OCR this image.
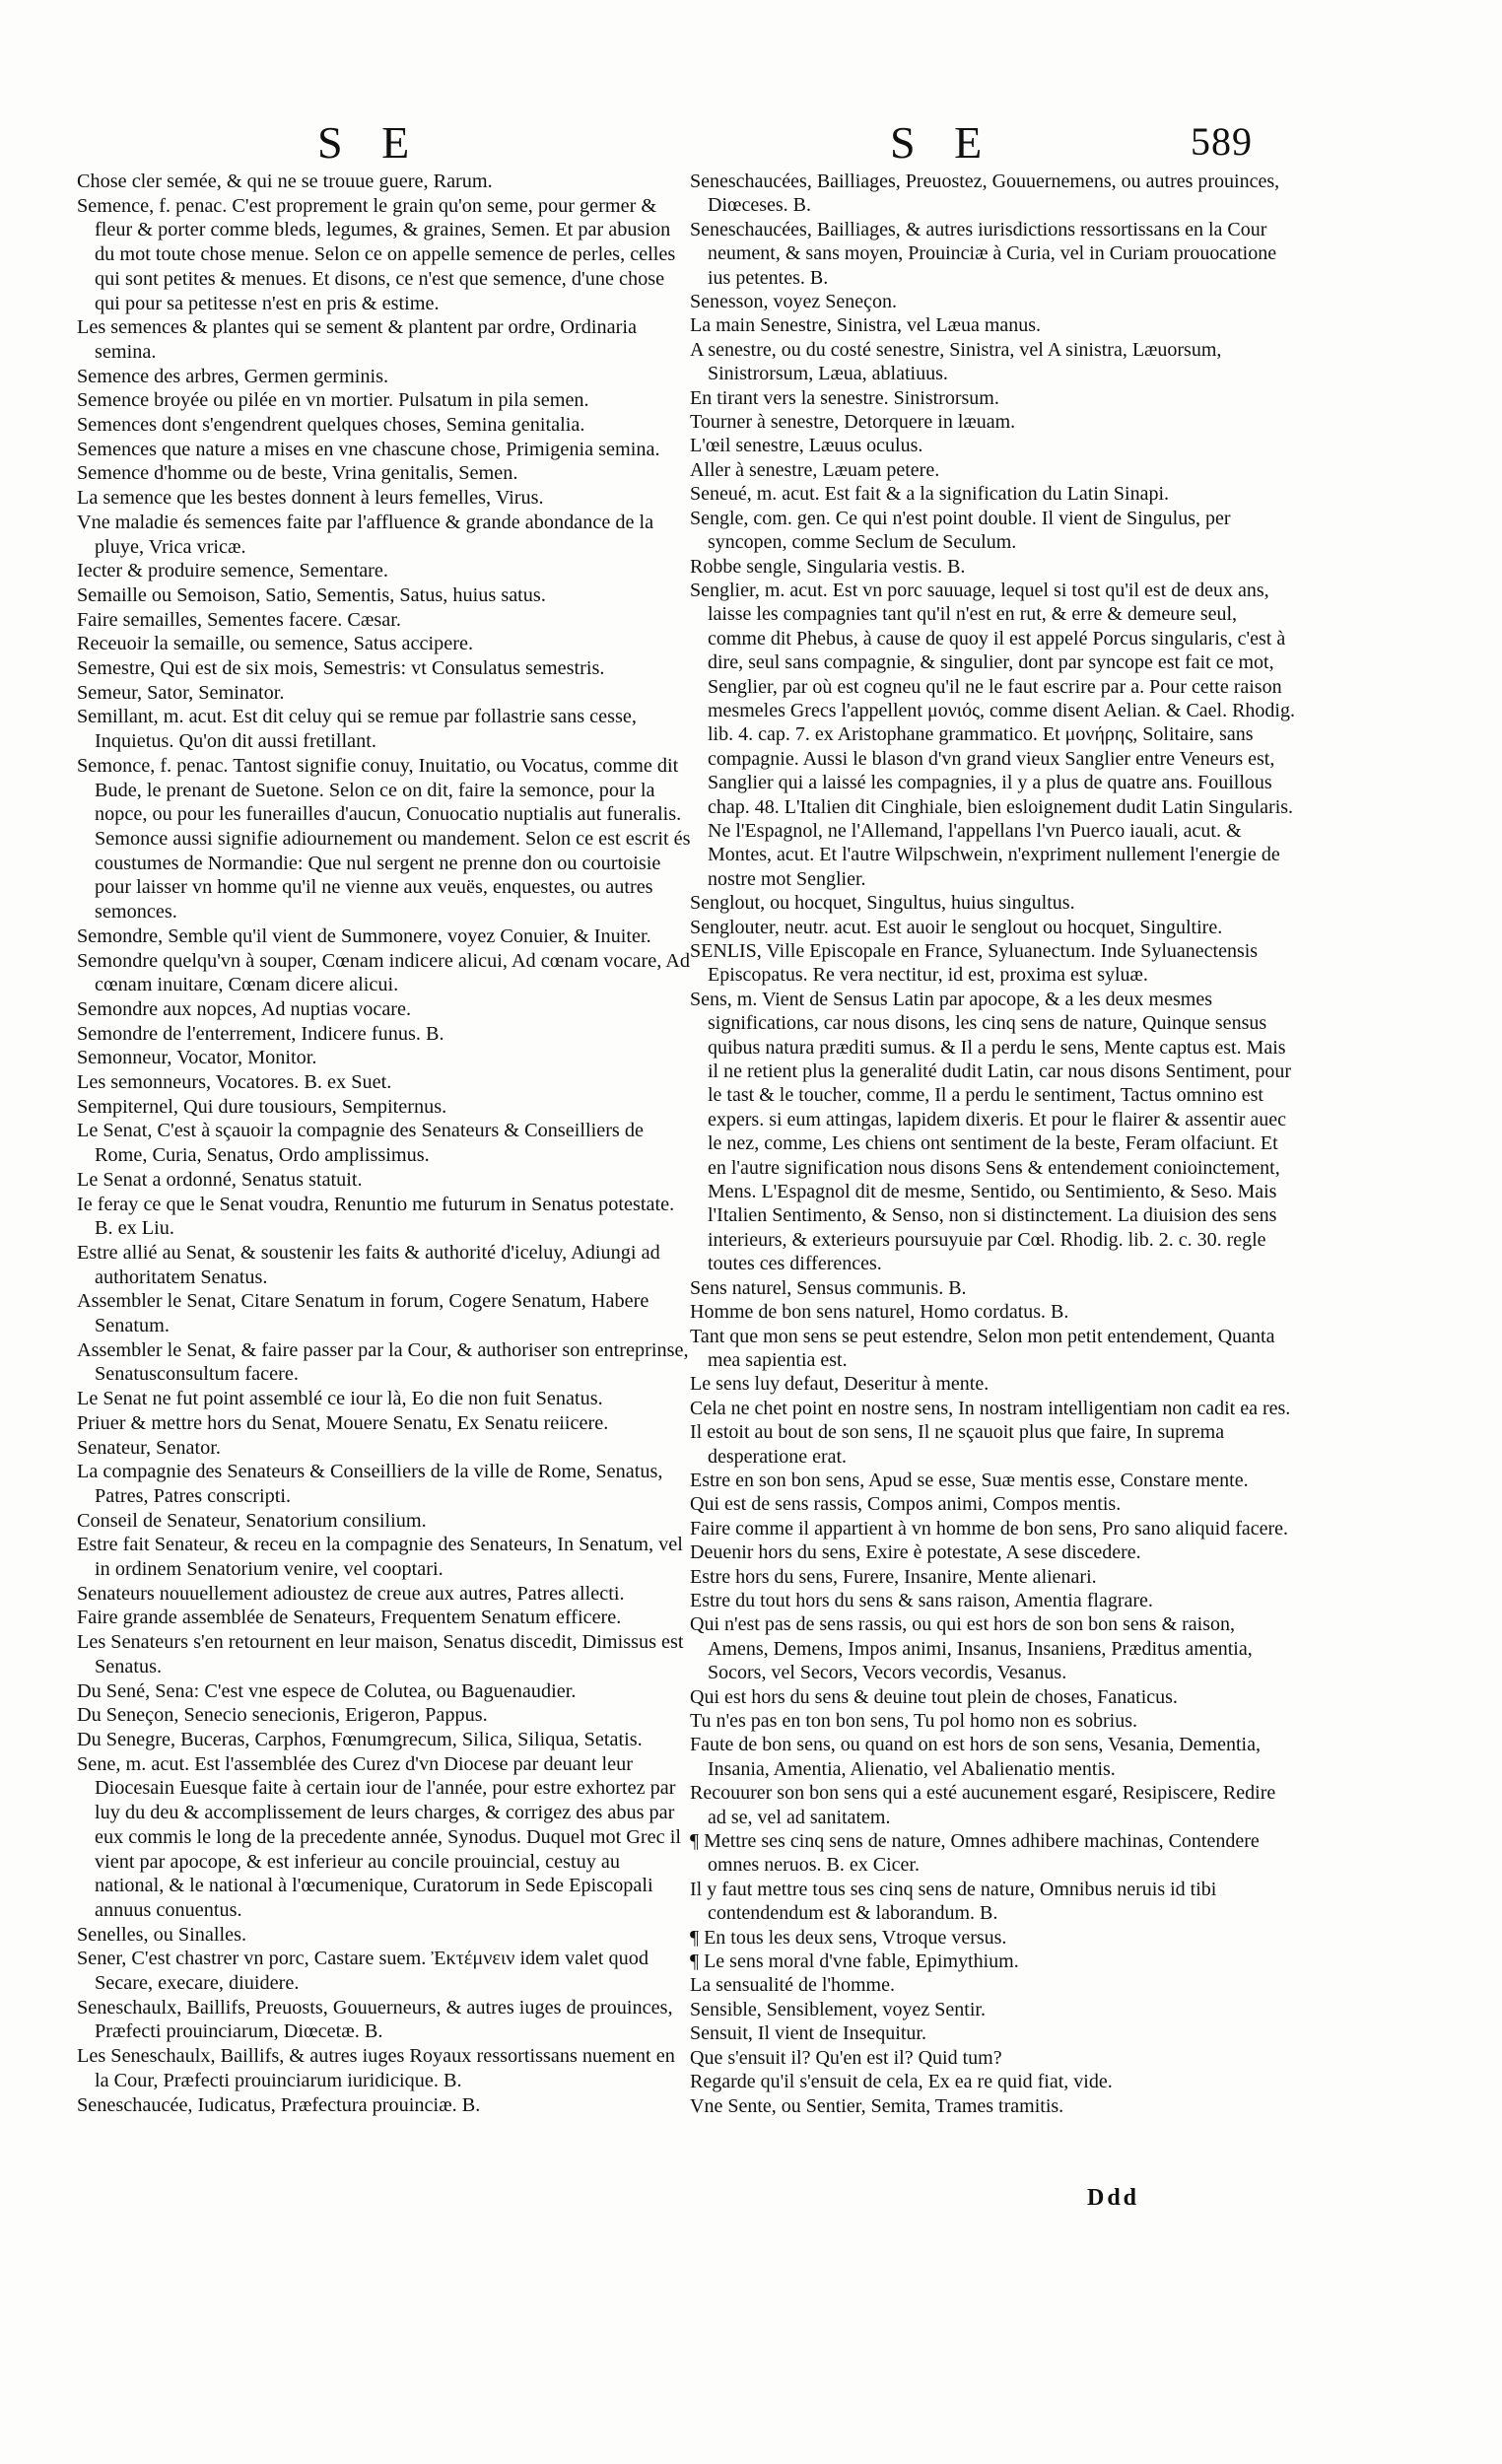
S E	S E	589

Chose cler semée, & qui ne se trouue guere, Rarum.

Semence, f. penac. C'est proprement le grain qu'on seme, pour germer & fleur & porter comme bleds, legumes, & graines, Semen. Et par abusion du mot toute chose menue. Selon ce on appelle semence de perles, celles qui sont petites & menues. Et disons, ce n'est que semence, d'une chose qui pour sa petitesse n'est en pris & estime.

Les semences & plantes qui se sement & plantent par ordre, Ordinaria semina.

Semence des arbres, Germen germinis.

Semence broyée ou pilée en vn mortier. Pulsatum in pila semen.

Semences dont s'engendrent quelques choses, Semina genitalia.

Semences que nature a mises en vne chascune chose, Primigenia semina.

Semence d'homme ou de beste, Vrina genitalis, Semen.

La semence que les bestes donnent à leurs femelles, Virus.

Vne maladie és semences faite par l'affluence & grande abondance de la pluye, Vrica vricæ.

Iecter & produire semence, Sementare.

Semaille ou Semoison, Satio, Sementis, Satus, huius satus.

Faire semailles, Sementes facere. Cæsar.

Receuoir la semaille, ou semence, Satus accipere.

Semestre, Qui est de six mois, Semestris: vt Consulatus semestris.

Semeur, Sator, Seminator.

Semillant, m. acut. Est dit celuy qui se remue par follastrie sans cesse, Inquietus. Qu'on dit aussi fretillant.

Semonce, f. penac. Tantost signifie conuy, Inuitatio, ou Vocatus, comme dit Bude, le prenant de Suetone. Selon ce on dit, faire la semonce, pour la nopce, ou pour les funerailles d'aucun, Conuocatio nuptialis aut funeralis. Semonce aussi signifie adiournement ou mandement. Selon ce est escrit és coustumes de Normandie: Que nul sergent ne prenne don ou courtoisie pour laisser vn homme qu'il ne vienne aux veuës, enquestes, ou autres semonces.

Semondre, Semble qu'il vient de Summonere, voyez Conuier, & Inuiter.

Semondre quelqu'vn à souper, Cœnam indicere alicui, Ad cœnam vocare, Ad cœnam inuitare, Cœnam dicere alicui.

Semondre aux nopces, Ad nuptias vocare.

Semondre de l'enterrement, Indicere funus. B.

Semonneur, Vocator, Monitor.

Les semonneurs, Vocatores. B. ex Suet.

Sempiternel, Qui dure tousiours, Sempiternus.

Le Senat, C'est à sçauoir la compagnie des Senateurs & Conseilliers de Rome, Curia, Senatus, Ordo amplissimus.

Le Senat a ordonné, Senatus statuit.

Ie feray ce que le Senat voudra, Renuntio me futurum in Senatus potestate. B. ex Liu.

Estre allié au Senat, & soustenir les faits & authorité d'iceluy, Adiungi ad authoritatem Senatus.

Assembler le Senat, Citare Senatum in forum, Cogere Senatum, Habere Senatum.

Assembler le Senat, & faire passer par la Cour, & authoriser son entreprinse, Senatusconsultum facere.

Le Senat ne fut point assemblé ce iour là, Eo die non fuit Senatus.

Priuer & mettre hors du Senat, Mouere Senatu, Ex Senatu reiicere.

Senateur, Senator.

La compagnie des Senateurs & Conseilliers de la ville de Rome, Senatus, Patres, Patres conscripti.

Conseil de Senateur, Senatorium consilium.

Estre fait Senateur, & receu en la compagnie des Senateurs, In Senatum, vel in ordinem Senatorium venire, vel cooptari.

Senateurs nouuellement adioustez de creue aux autres, Patres allecti.

Faire grande assemblée de Senateurs, Frequentem Senatum efficere.

Les Senateurs s'en retournent en leur maison, Senatus discedit, Dimissus est Senatus.

Du Sené, Sena: C'est vne espece de Colutea, ou Baguenaudier.

Du Seneçon, Senecio senecionis, Erigeron, Pappus.

Du Senegre, Buceras, Carphos, Fœnumgrecum, Silica, Siliqua, Setatis.

Sene, m. acut. Est l'assemblée des Curez d'vn Diocese par deuant leur Diocesain Euesque faite à certain iour de l'année, pour estre exhortez par luy du deu & accomplissement de leurs charges, & corrigez des abus par eux commis le long de la precedente année, Synodus. Duquel mot Grec il vient par apocope, & est inferieur au concile prouincial, cestuy au national, & le national à l'œcumenique, Curatorum in Sede Episcopali annuus conuentus.

Senelles, ou Sinalles.

Sener, C'est chastrer vn porc, Castare suem. Ἐκτέμνειν idem valet quod Secare, execare, diuidere.

Seneschaulx, Baillifs, Preuosts, Gouuerneurs, & autres iuges de prouinces, Præfecti prouinciarum, Diœcetæ. B.

Les Seneschaulx, Baillifs, & autres iuges Royaux ressortissans nuement en la Cour, Præfecti prouinciarum iuridicique. B.

Seneschaucée, Iudicatus, Præfectura prouinciæ. B.

Seneschaucées, Bailliages, Preuostez, Gouuernemens, ou autres prouinces, Diœceses. B.

Seneschaucées, Bailliages, & autres iurisdictions ressortissans en la Cour neument, & sans moyen, Prouinciæ à Curia, vel in Curiam prouocatione ius petentes. B.

Senesson, voyez Seneçon.

La main Senestre, Sinistra, vel Læua manus.

A senestre, ou du costé senestre, Sinistra, vel A sinistra, Læuorsum, Sinistrorsum, Læua, ablatiuus.

En tirant vers la senestre. Sinistrorsum.

Tourner à senestre, Detorquere in læuam.

L'œil senestre, Læuus oculus.

Aller à senestre, Læuam petere.

Seneué, m. acut. Est fait & a la signification du Latin Sinapi.

Sengle, com. gen. Ce qui n'est point double. Il vient de Singulus, per syncopen, comme Seclum de Seculum.

Robbe sengle, Singularia vestis. B.

Senglier, m. acut. Est vn porc sauuage, lequel si tost qu'il est de deux ans, laisse les compagnies tant qu'il n'est en rut, & erre & demeure seul, comme dit Phebus, à cause de quoy il est appelé Porcus singularis, c'est à dire, seul sans compagnie, & singulier, dont par syncope est fait ce mot, Senglier, par où est cogneu qu'il ne le faut escrire par a. Pour cette raison mesmeles Grecs l'appellent μονιός, comme disent Aelian. & Cael. Rhodig. lib. 4. cap. 7. ex Aristophane grammatico. Et μονήρης, Solitaire, sans compagnie. Aussi le blason d'vn grand vieux Sanglier entre Veneurs est, Sanglier qui a laissé les compagnies, il y a plus de quatre ans. Fouillous chap. 48. L'Italien dit Cinghiale, bien esloignement dudit Latin Singularis. Ne l'Espagnol, ne l'Allemand, l'appellans l'vn Puerco iauali, acut. & Montes, acut. Et l'autre Wilpschwein, n'expriment nullement l'energie de nostre mot Senglier.

Senglout, ou hocquet, Singultus, huius singultus.

Senglouter, neutr. acut. Est auoir le senglout ou hocquet, Singultire.

SENLIS, Ville Episcopale en France, Syluanectum. Inde Syluanectensis Episcopatus. Re vera nectitur, id est, proxima est syluæ.

Sens, m. Vient de Sensus Latin par apocope, & a les deux mesmes significations, car nous disons, les cinq sens de nature, Quinque sensus quibus natura præditi sumus. & Il a perdu le sens, Mente captus est. Mais il ne retient plus la generalité dudit Latin, car nous disons Sentiment, pour le tast & le toucher, comme, Il a perdu le sentiment, Tactus omnino est expers. si eum attingas, lapidem dixeris. Et pour le flairer & assentir auec le nez, comme, Les chiens ont sentiment de la beste, Feram olfaciunt. Et en l'autre signification nous disons Sens & entendement conioinctement, Mens. L'Espagnol dit de mesme, Sentido, ou Sentimiento, & Seso. Mais l'Italien Sentimento, & Senso, non si distinctement. La diuision des sens interieurs, & exterieurs poursuyuie par Cœl. Rhodig. lib. 2. c. 30. regle toutes ces differences.

Sens naturel, Sensus communis. B.

Homme de bon sens naturel, Homo cordatus. B.

Tant que mon sens se peut estendre, Selon mon petit entendement, Quanta mea sapientia est.

Le sens luy defaut, Deseritur à mente.

Cela ne chet point en nostre sens, In nostram intelligentiam non cadit ea res.

Il estoit au bout de son sens, Il ne sçauoit plus que faire, In suprema desperatione erat.

Estre en son bon sens, Apud se esse, Suæ mentis esse, Constare mente.

Qui est de sens rassis, Compos animi, Compos mentis.

Faire comme il appartient à vn homme de bon sens, Pro sano aliquid facere.

Deuenir hors du sens, Exire è potestate, A sese discedere.

Estre hors du sens, Furere, Insanire, Mente alienari.

Estre du tout hors du sens & sans raison, Amentia flagrare.

Qui n'est pas de sens rassis, ou qui est hors de son bon sens & raison, Amens, Demens, Impos animi, Insanus, Insaniens, Præditus amentia, Socors, vel Secors, Vecors vecordis, Vesanus.

Qui est hors du sens & deuine tout plein de choses, Fanaticus.

Tu n'es pas en ton bon sens, Tu pol homo non es sobrius.

Faute de bon sens, ou quand on est hors de son sens, Vesania, Dementia, Insania, Amentia, Alienatio, vel Abalienatio mentis.

Recouurer son bon sens qui a esté aucunement esgaré, Resipiscere, Redire ad se, vel ad sanitatem.

¶ Mettre ses cinq sens de nature, Omnes adhibere machinas, Contendere omnes neruos. B. ex Cicer.

Il y faut mettre tous ses cinq sens de nature, Omnibus neruis id tibi contendendum est & laborandum. B.

¶ En tous les deux sens, Vtroque versus.

¶ Le sens moral d'vne fable, Epimythium.

La sensualité de l'homme.

Sensible, Sensiblement, voyez Sentir.

Sensuit, Il vient de Insequitur.

Que s'ensuit il? Qu'en est il? Quid tum?

Regarde qu'il s'ensuit de cela, Ex ea re quid fiat, vide.

Vne Sente, ou Sentier, Semita, Trames tramitis.

Ddd
